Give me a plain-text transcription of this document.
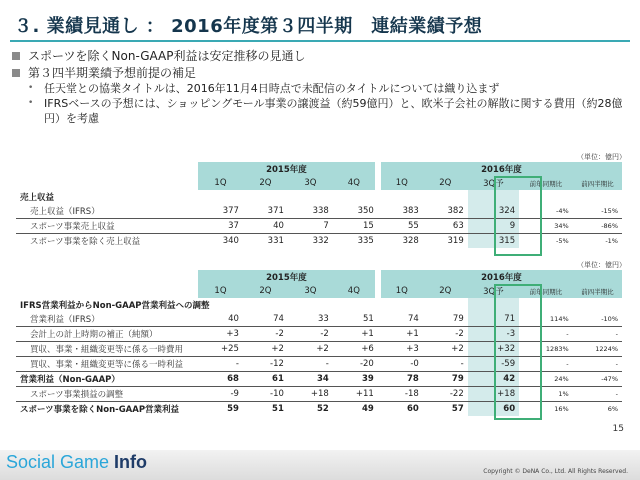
３. 業績見通し ： 2016年度第３四半期　連結業績予想
スポーツを除くNon-GAAP利益は安定推移の見通し
第３四半期業績予想前提の補足
• 任天堂との協業タイトルは、2016年11月4日時点で未配信のタイトルについては織り込まず
• IFRSベースの予想には、ショッピングモール事業の譲渡益（約59億円）と、欧米子会社の解散に関する費用（約28億円）を考慮
（単位：億円）
	2015年度				2016年度				
	1Q	2Q	3Q	4Q	1Q	2Q	3Q予	前年同期比	前四半期比
売上収益									
売上収益（IFRS）	377	371	338	350	383	382	324	-4%	-15%
スポーツ事業売上収益	37	40	7	15	55	63	9	34%	-86%
スポーツ事業を除く売上収益	340	331	332	335	328	319	315	-5%	-1%
（単位：億円）
	2015年度				2016年度				
	1Q	2Q	3Q	4Q	1Q	2Q	3Q予	前年同期比	前四半期比
IFRS営業利益からNon-GAAP営業利益への調整									
営業利益（IFRS）	40	74	33	51	74	79	71	114%	-10%
会計上の計上時期の補正（純額）	+3	-2	-2	+1	+1	-2	-3	-	-
買収、事業・組織変更等に係る一時費用	+25	+2	+2	+6	+3	+2	+32	1283%	1224%
買収、事業・組織変更等に係る一時利益	-	-12	-	-20	-0	-	-59	-	-
営業利益（Non-GAAP）	68	61	34	39	78	79	42	24%	-47%
スポーツ事業損益の調整	-9	-10	+18	+11	-18	-22	+18	1%	-
スポーツ事業を除くNon-GAAP営業利益	59	51	52	49	60	57	60	16%	6%
15
Social Game Info	Copyright © DeNA Co., Ltd. All Rights Reserved.
